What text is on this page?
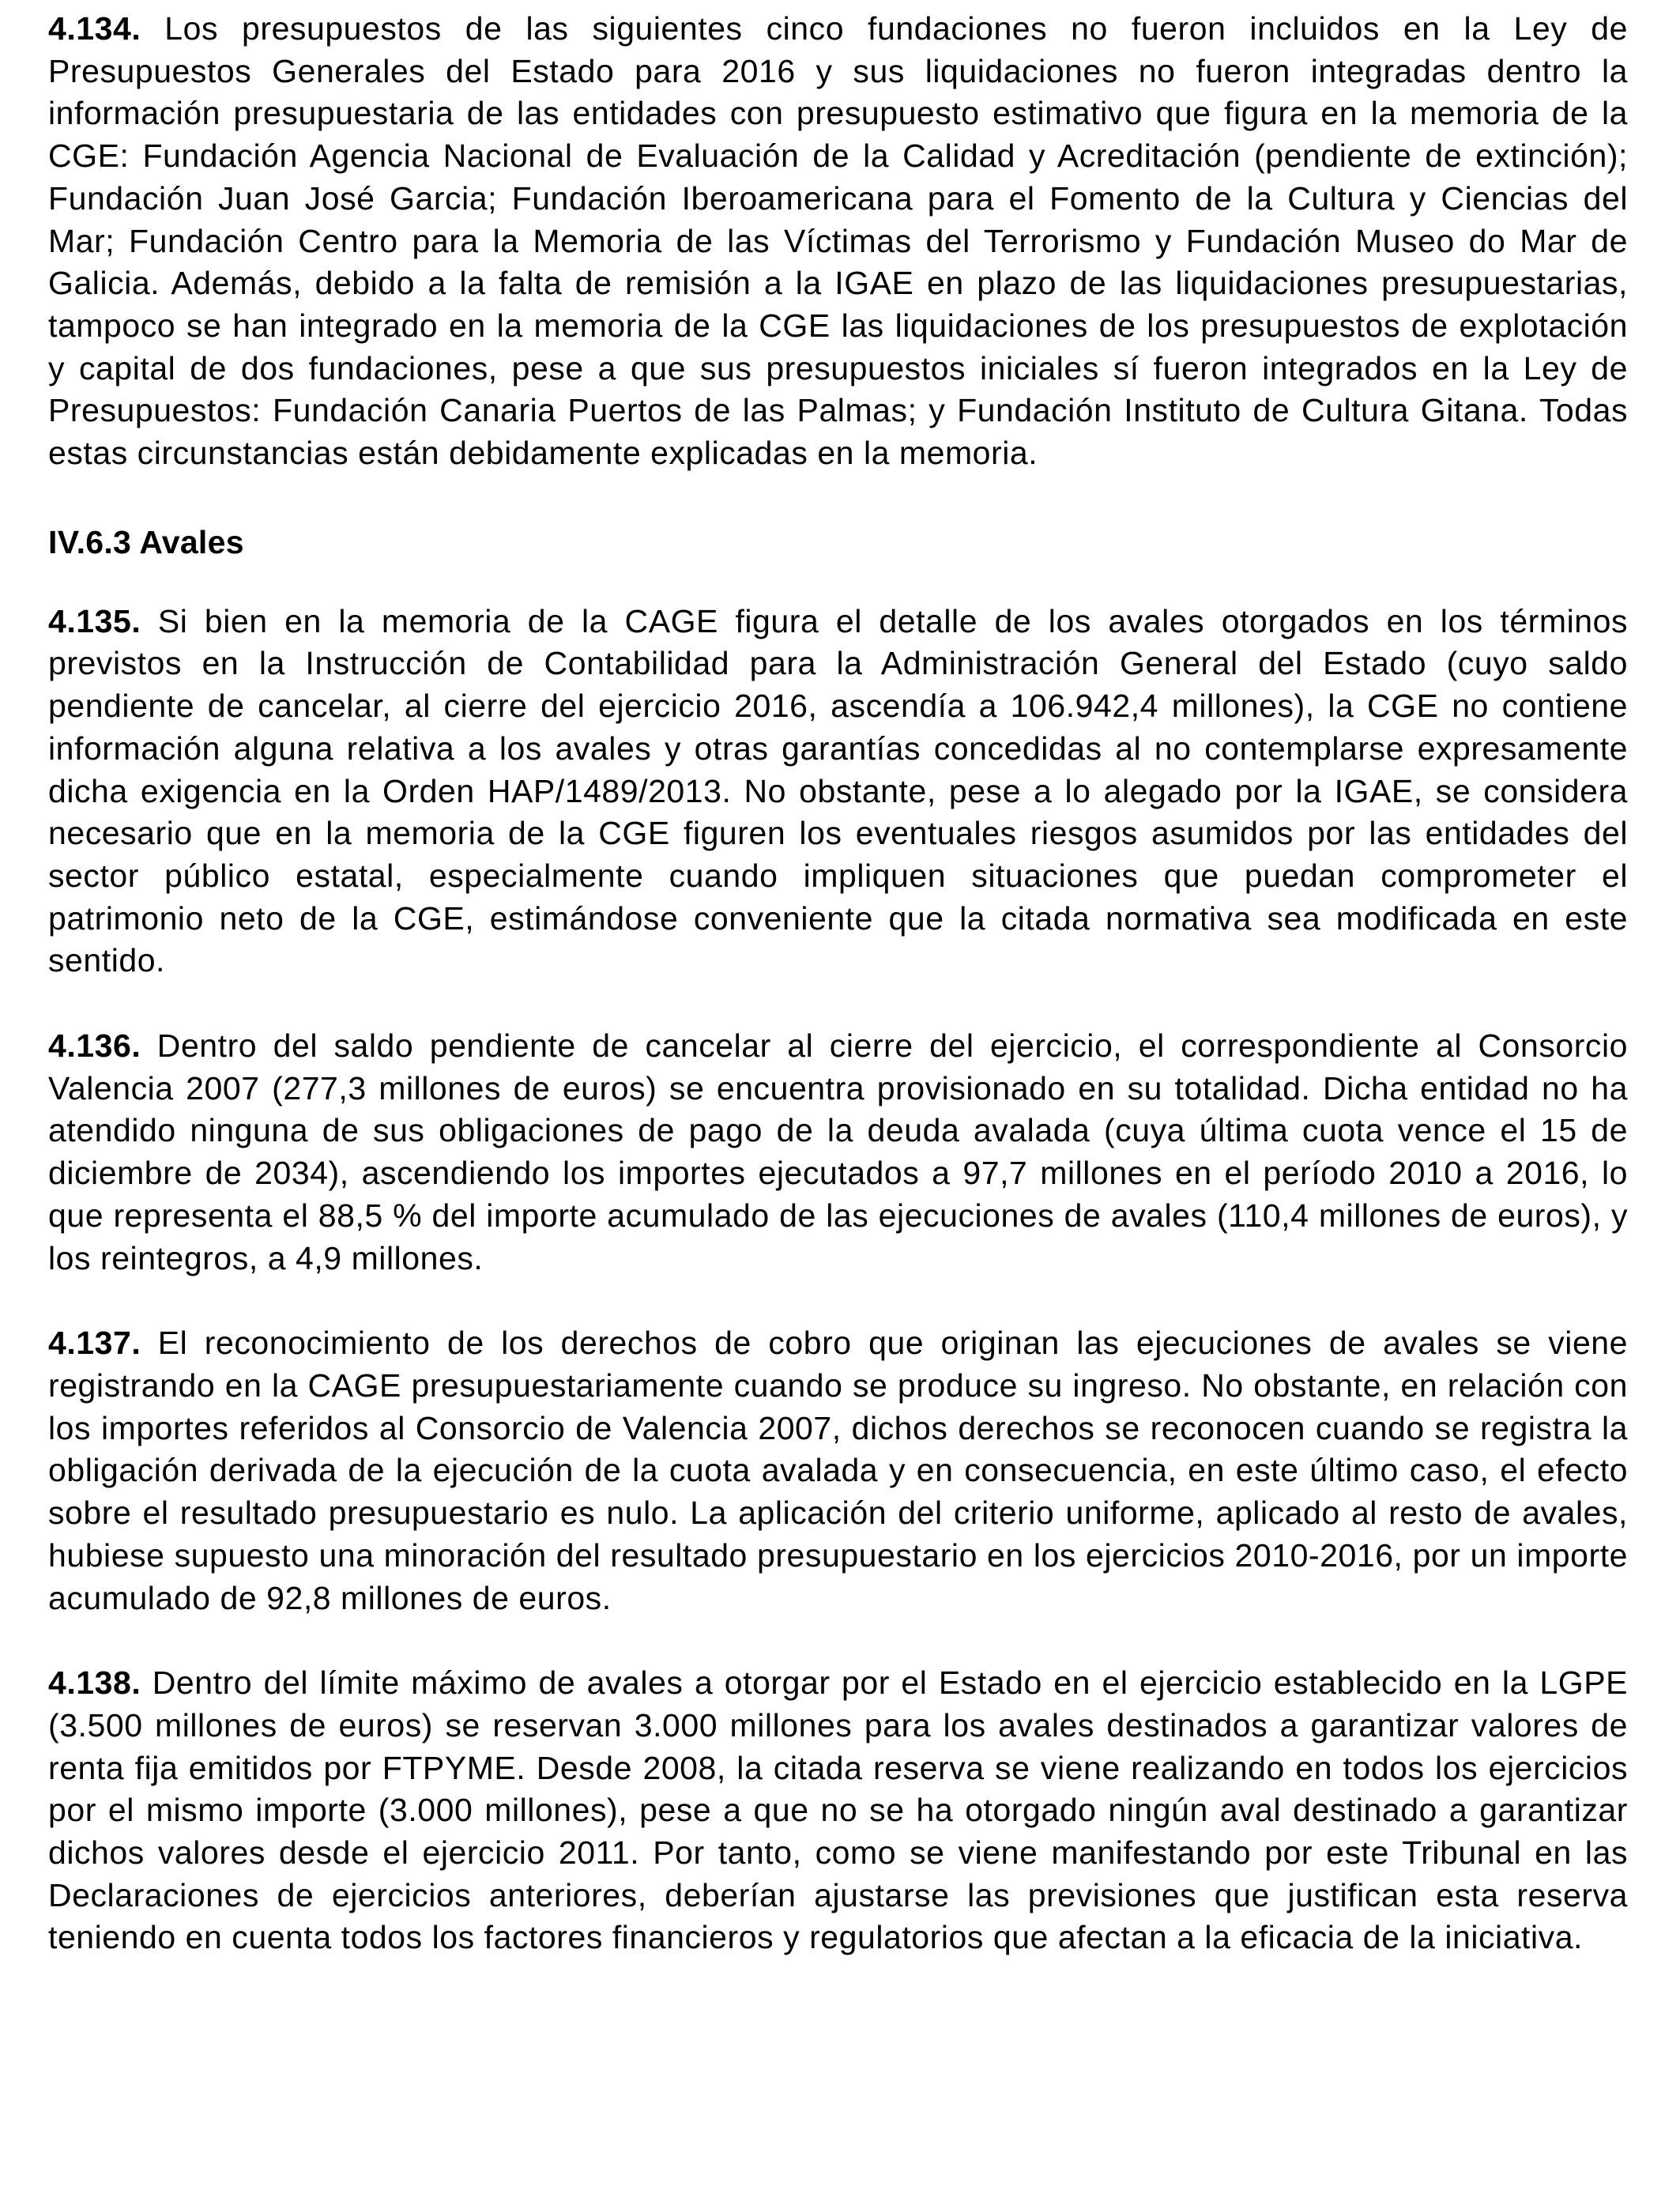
4.134. Los presupuestos de las siguientes cinco fundaciones no fueron incluidos en la Ley de Presupuestos Generales del Estado para 2016 y sus liquidaciones no fueron integradas dentro la información presupuestaria de las entidades con presupuesto estimativo que figura en la memoria de la CGE: Fundación Agencia Nacional de Evaluación de la Calidad y Acreditación (pendiente de extinción); Fundación Juan José Garcia; Fundación Iberoamericana para el Fomento de la Cultura y Ciencias del Mar; Fundación Centro para la Memoria de las Víctimas del Terrorismo y Fundación Museo do Mar de Galicia. Además, debido a la falta de remisión a la IGAE en plazo de las liquidaciones presupuestarias, tampoco se han integrado en la memoria de la CGE las liquidaciones de los presupuestos de explotación y capital de dos fundaciones, pese a que sus presupuestos iniciales sí fueron integrados en la Ley de Presupuestos: Fundación Canaria Puertos de las Palmas; y Fundación Instituto de Cultura Gitana. Todas estas circunstancias están debidamente explicadas en la memoria.

IV.6.3 Avales

4.135. Si bien en la memoria de la CAGE figura el detalle de los avales otorgados en los términos previstos en la Instrucción de Contabilidad para la Administración General del Estado (cuyo saldo pendiente de cancelar, al cierre del ejercicio 2016, ascendía a 106.942,4 millones), la CGE no contiene información alguna relativa a los avales y otras garantías concedidas al no contemplarse expresamente dicha exigencia en la Orden HAP/1489/2013. No obstante, pese a lo alegado por la IGAE, se considera necesario que en la memoria de la CGE figuren los eventuales riesgos asumidos por las entidades del sector público estatal, especialmente cuando impliquen situaciones que puedan comprometer el patrimonio neto de la CGE, estimándose conveniente que la citada normativa sea modificada en este sentido.

4.136. Dentro del saldo pendiente de cancelar al cierre del ejercicio, el correspondiente al Consorcio Valencia 2007 (277,3 millones de euros) se encuentra provisionado en su totalidad. Dicha entidad no ha atendido ninguna de sus obligaciones de pago de la deuda avalada (cuya última cuota vence el 15 de diciembre de 2034), ascendiendo los importes ejecutados a 97,7 millones en el período 2010 a 2016, lo que representa el 88,5 % del importe acumulado de las ejecuciones de avales (110,4 millones de euros), y los reintegros, a 4,9 millones.

4.137. El reconocimiento de los derechos de cobro que originan las ejecuciones de avales se viene registrando en la CAGE presupuestariamente cuando se produce su ingreso. No obstante, en relación con los importes referidos al Consorcio de Valencia 2007, dichos derechos se reconocen cuando se registra la obligación derivada de la ejecución de la cuota avalada y en consecuencia, en este último caso, el efecto sobre el resultado presupuestario es nulo. La aplicación del criterio uniforme, aplicado al resto de avales, hubiese supuesto una minoración del resultado presupuestario en los ejercicios 2010-2016, por un importe acumulado de 92,8 millones de euros.

4.138. Dentro del límite máximo de avales a otorgar por el Estado en el ejercicio establecido en la LGPE (3.500 millones de euros) se reservan 3.000 millones para los avales destinados a garantizar valores de renta fija emitidos por FTPYME. Desde 2008, la citada reserva se viene realizando en todos los ejercicios por el mismo importe (3.000 millones), pese a que no se ha otorgado ningún aval destinado a garantizar dichos valores desde el ejercicio 2011. Por tanto, como se viene manifestando por este Tribunal en las Declaraciones de ejercicios anteriores, deberían ajustarse las previsiones que justifican esta reserva teniendo en cuenta todos los factores financieros y regulatorios que afectan a la eficacia de la iniciativa.
